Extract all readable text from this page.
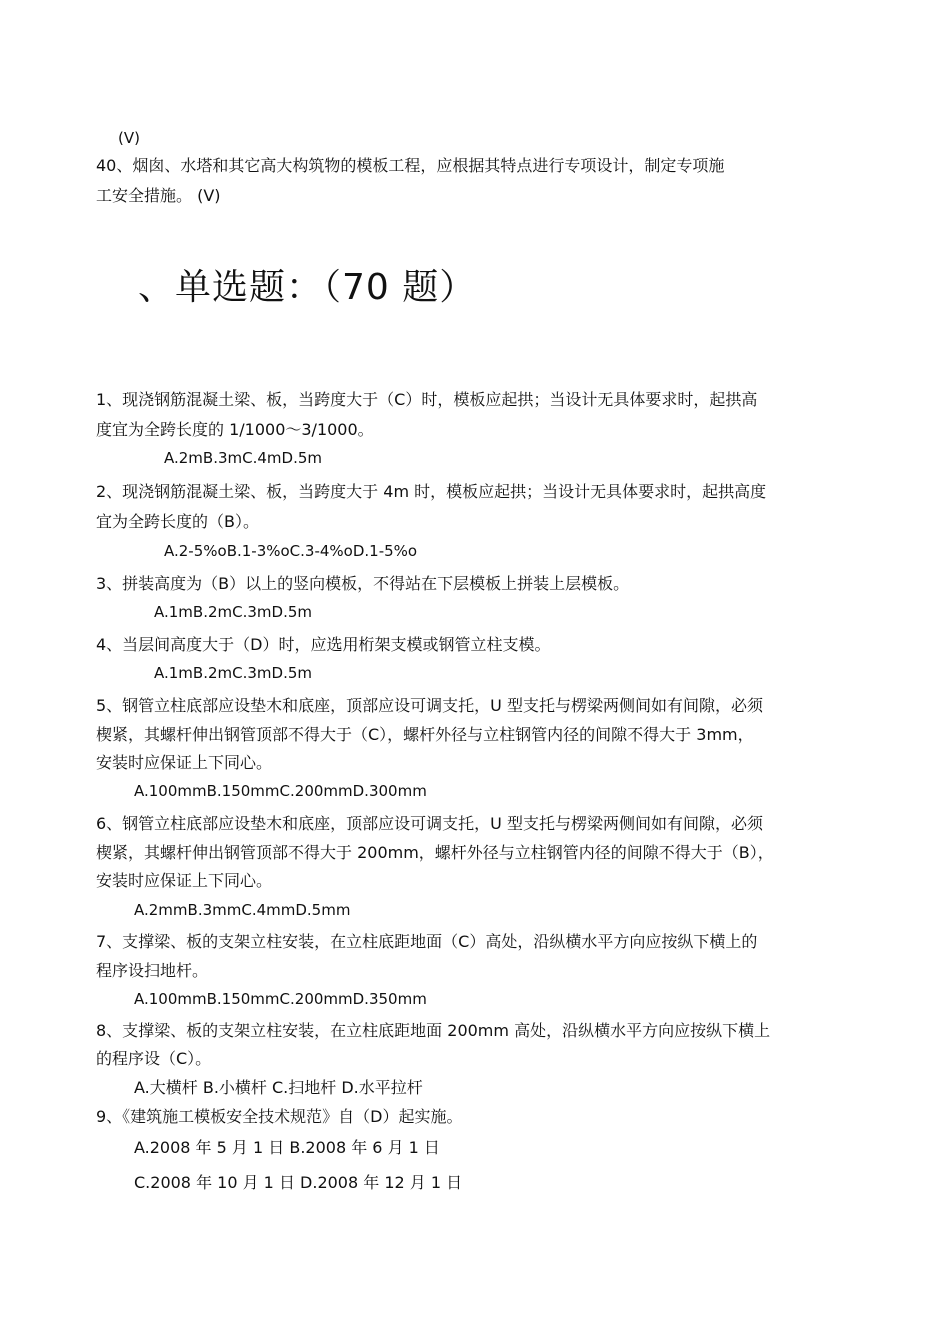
(V)
40、烟囱、水塔和其它高大构筑物的模板工程，应根据其特点进行专项设计，制定专项施
工安全措施。 (V)
、单选题：（70 题）
1、现浇钢筋混凝土梁、板，当跨度大于（C）时，模板应起拱；当设计无具体要求时，起拱高
度宜为全跨长度的 1/1000〜3/1000。
A.2mB.3mC.4mD.5m
2、现浇钢筋混凝土梁、板，当跨度大于 4m 时，模板应起拱；当设计无具体要求时，起拱高度
宜为全跨长度的（B）。
A.2-5%oB.1-3%oC.3-4%oD.1-5%o
3、拼装高度为（B）以上的竖向模板，不得站在下层模板上拼装上层模板。
A.1mB.2mC.3mD.5m
4、当层间高度大于（D）时，应选用桁架支模或钢管立柱支模。
A.1mB.2mC.3mD.5m
5、钢管立柱底部应设垫木和底座，顶部应设可调支托，U 型支托与楞梁两侧间如有间隙，必须
楔紧，其螺杆伸出钢管顶部不得大于（C），螺杆外径与立柱钢管内径的间隙不得大于 3mm，
安装时应保证上下同心。
A.100mmB.150mmC.200mmD.300mm
6、钢管立柱底部应设垫木和底座，顶部应设可调支托，U 型支托与楞梁两侧间如有间隙，必须
楔紧，其螺杆伸出钢管顶部不得大于 200mm，螺杆外径与立柱钢管内径的间隙不得大于（B），
安装时应保证上下同心。
A.2mmB.3mmC.4mmD.5mm
7、支撑梁、板的支架立柱安装，在立柱底距地面（C）高处，沿纵横水平方向应按纵下横上的
程序设扫地杆。
A.100mmB.150mmC.200mmD.350mm
8、支撑梁、板的支架立柱安装，在立柱底距地面 200mm 高处，沿纵横水平方向应按纵下横上
的程序设（C）。
A.大横杆 B.小横杆 C.扫地杆 D.水平拉杆
9、《建筑施工模板安全技术规范》自（D）起实施。
A.2008 年 5 月 1 日 B.2008 年 6 月 1 日
C.2008 年 10 月 1 日 D.2008 年 12 月 1 日
